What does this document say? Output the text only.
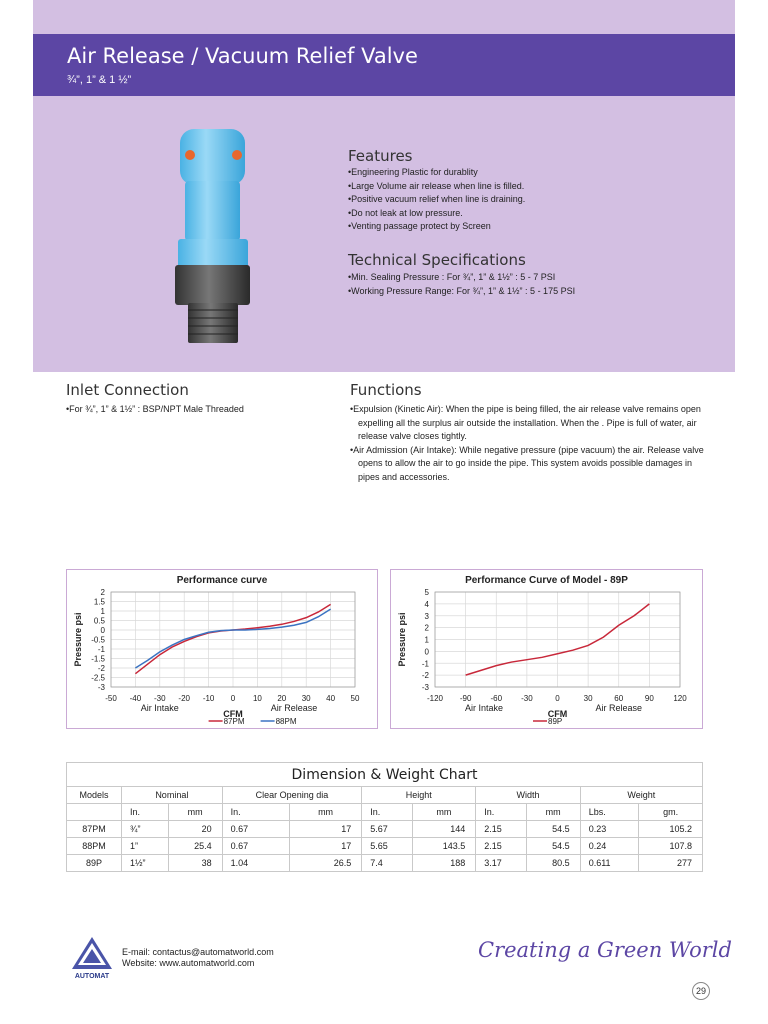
Air Release / Vacuum Relief Valve
¾”, 1” & 1 ½”
Features
• Engineering Plastic for durablity
• Large Volume air release when line is filled.
• Positive vacuum relief when line is draining.
• Do not leak at low pressure.
• Venting passage protect by Screen
Technical Specifications
• Min. Sealing Pressure : For ¾”, 1” & 1½” : 5 - 7 PSI
• Working Pressure Range: For ¾”, 1” & 1½” : 5 - 175 PSI
Inlet Connection
• For ¾”, 1” & 1½” : BSP/NPT Male Threaded
Functions
• Expulsion (Kinetic Air): When the pipe is being filled, the air release valve remains open expelling all the surplus air outside the installation. When the . Pipe is full of water, air release valve closes tightly.
• Air Admission (Air Intake): While negative pressure (pipe vacuum) the air. Release valve opens to allow the air to go inside the pipe. This system avoids possible damages in pipes and accessories.
Performance curve
-50 -40 -30 -20 -10 0 10 20 30 40 50
2
1.5
1
0.5
0
-0.5
-1
-1.5
-2
-2.5
-3
Pressure psi
CFM
Air Intake	Air Release
87PM	88PM
Performance Curve of Model - 89P
-120 -90 -60 -30	0	30	60	90 120
5
4
3
2
1
0
-1
-2
-3
Pressure psi
CFM
Air Intake	Air Release
89P
Dimension & Weight Chart										
Models	Nominal		Clear Opening dia		Height		Width		Weight	
	In.	mm	In.	mm	In.	mm	In.	mm	Lbs.	gm.
87PM	¾”	20	0.67	17	5.67	144	2.15	54.5	0.23	105.2
88PM	1”	25.4	0.67	17	5.65	143.5	2.15	54.5	0.24	107.8
89P	1½”	38	1.04	26.5	7.4	188	3.17	80.5	0.611	277
AUTOMAT
E-mail: contactus@automatworld.com
Website: www.automatworld.com
Creating a Green World
29
